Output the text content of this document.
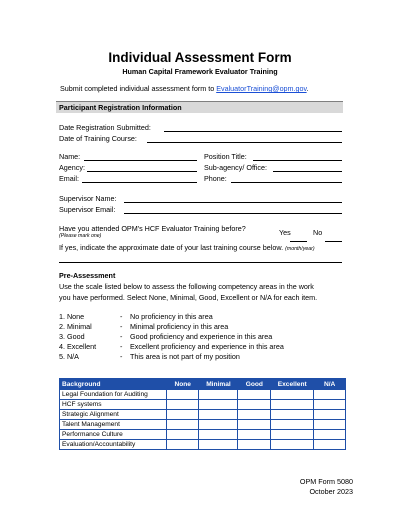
Individual Assessment Form
Human Capital Framework Evaluator Training
Submit completed individual assessment form to EvaluatorTraining@opm.gov.
Participant Registration Information
Date Registration Submitted:
Date of Training Course:
Name:	Position Title:
Agency:	Sub-agency/ Office:
Email:	Phone:
Supervisor Name:
Supervisor Email:
Have you attended OPM's HCF Evaluator Training before?
(Please mark one)	Yes	No
If yes, indicate the approximate date of your last training course below. (month/year)
Pre-Assessment
Use the scale listed below to assess the following competency areas in the work
you have performed. Select None, Minimal, Good, Excellent or N/A for each item.
1. None	- No proficiency in this area
2. Minimal	- Minimal proficiency in this area
3. Good	- Good proficiency and experience in this area
4. Excellent	- Excellent proficiency and experience in this area
5. N/A	- This area is not part of my position
Background	None	Minimal	Good	Excellent	N/A
Legal Foundation for Auditing					
HCF systems					
Strategic Alignment					
Talent Management					
Performance Culture					
Evaluation/Accountability					
OPM Form 5080
October 2023
